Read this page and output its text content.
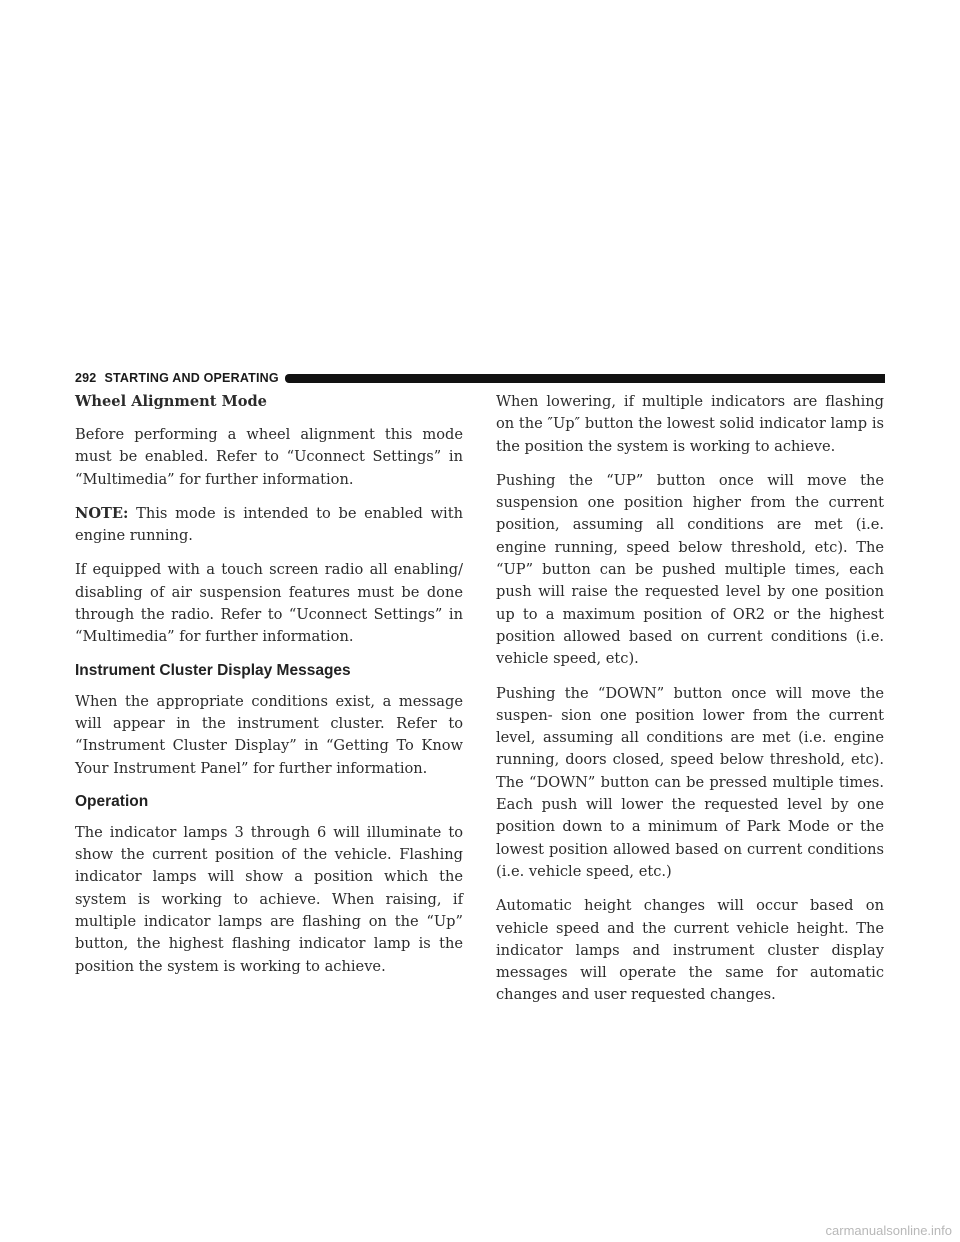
292 STARTING AND OPERATING
Wheel Alignment Mode

Before performing a wheel alignment this mode must be enabled. Refer to “Uconnect Settings” in “Multimedia” for further information.

NOTE: This mode is intended to be enabled with engine running.

If equipped with a touch screen radio all enabling/ disabling of air suspension features must be done through the radio. Refer to “Uconnect Settings” in “Multimedia” for further information.

Instrument Cluster Display Messages

When the appropriate conditions exist, a message will appear in the instrument cluster. Refer to “Instrument Cluster Display” in “Getting To Know Your Instrument Panel” for further information.

Operation

The indicator lamps 3 through 6 will illuminate to show the current position of the vehicle. Flashing indicator lamps will show a position which the system is working to achieve. When raising, if multiple indicator lamps are flashing on the “Up” button, the highest flashing indicator lamp is the position the system is working to achieve.

When lowering, if multiple indicators are flashing on the ″Up″ button the lowest solid indicator lamp is the position the system is working to achieve.

Pushing the “UP” button once will move the suspension one position higher from the current position, assuming all conditions are met (i.e. engine running, speed below threshold, etc). The “UP” button can be pushed multiple times, each push will raise the requested level by one position up to a maximum position of OR2 or the highest position allowed based on current conditions (i.e. vehicle speed, etc).

Pushing the “DOWN” button once will move the suspen- sion one position lower from the current level, assuming all conditions are met (i.e. engine running, doors closed, speed below threshold, etc). The “DOWN” button can be pressed multiple times. Each push will lower the requested level by one position down to a minimum of Park Mode or the lowest position allowed based on current conditions (i.e. vehicle speed, etc.)

Automatic height changes will occur based on vehicle speed and the current vehicle height. The indicator lamps and instrument cluster display messages will operate the same for automatic changes and user requested changes.

carmanualsonline.info
